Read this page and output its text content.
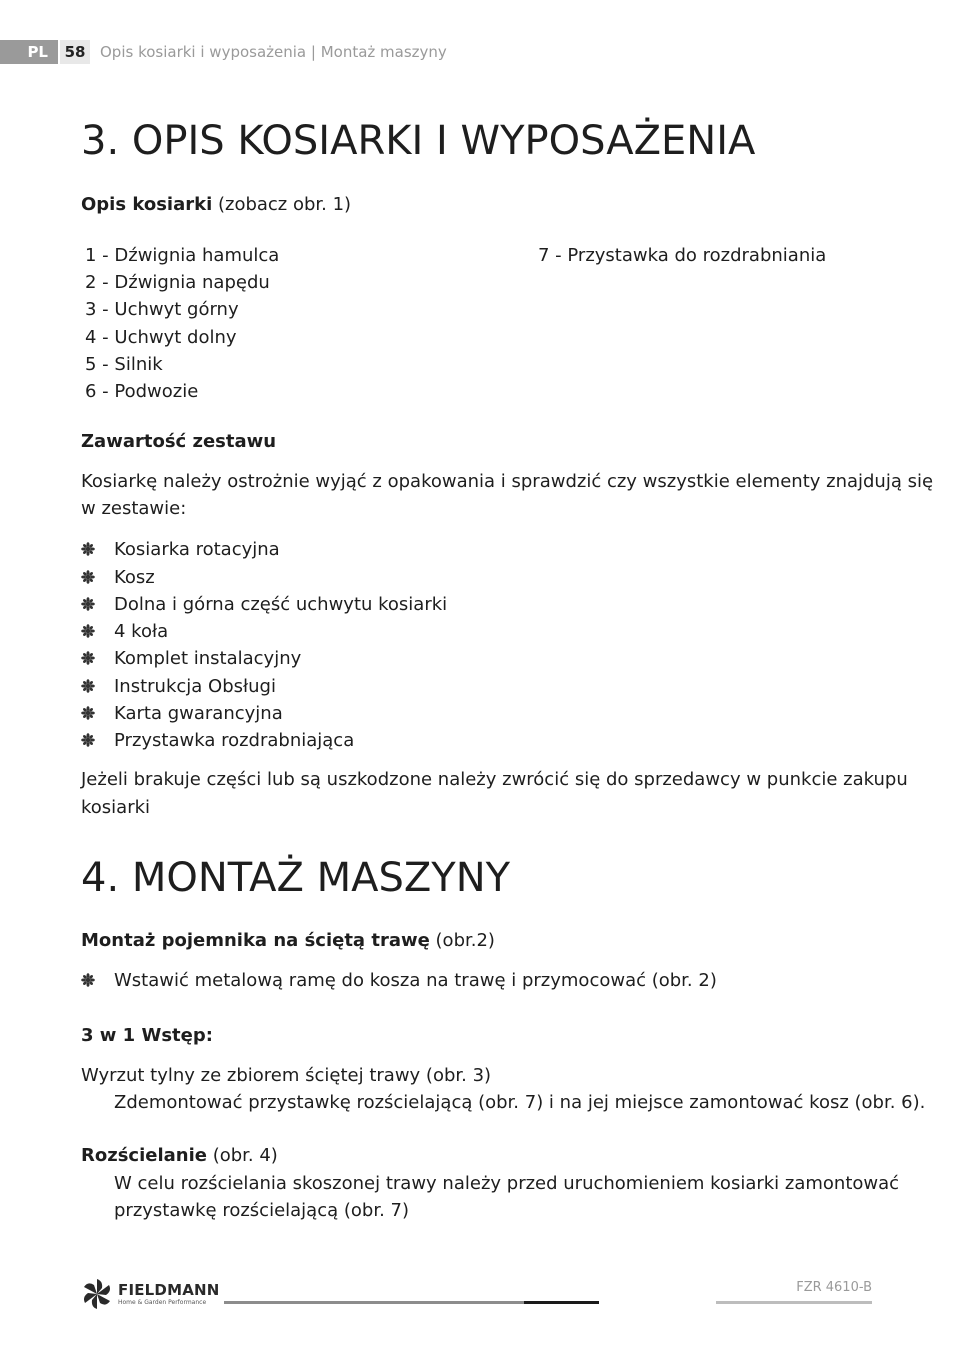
PL	58 Opis kosiarki i wyposażenia | Montaż maszyny
3. OPIS KOSIARKI I WYPOSAŻENIA
Opis kosiarki (zobacz obr. 1)
1 - Dźwignia hamulca
2 - Dźwignia napędu
3 - Uchwyt górny
4 - Uchwyt dolny
5 - Silnik
6 - Podwozie
7 - Przystawka do rozdrabniania
Zawartość zestawu
Kosiarkę należy ostrożnie wyjąć z opakowania i sprawdzić czy wszystkie elementy znajdują się
w zestawie:
Kosiarka rotacyjna
Kosz
Dolna i górna część uchwytu kosiarki
4 koła
Komplet instalacyjny
Instrukcja Obsługi
Karta gwarancyjna
Przystawka rozdrabniająca
Jeżeli brakuje części lub są uszkodzone należy zwrócić się do sprzedawcy w punkcie zakupu
kosiarki
4. MONTAŻ MASZYNY
Montaż pojemnika na ściętą trawę (obr.2)
Wstawić metalową ramę do kosza na trawę i przymocować (obr. 2)
3 w 1 Wstęp:
Wyrzut tylny ze zbiorem ściętej trawy (obr. 3)
Zdemontować przystawkę rozścielającą (obr. 7) i na jej miejsce zamontować kosz (obr. 6).
Rozścielanie (obr. 4)
W celu rozścielania skoszonej trawy należy przed uruchomieniem kosiarki zamontować
przystawkę rozścielającą (obr. 7)
FIELDMANN
Home & Garden Performance
FZR 4610-B
